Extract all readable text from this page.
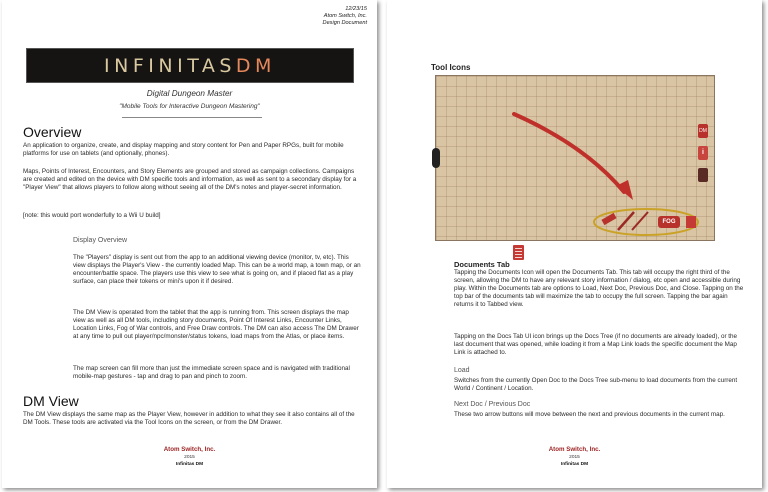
12/23/15
Atom Switch, Inc.
Design Document
INFINITAS DM
Digital Dungeon Master
"Mobile Tools for Interactive Dungeon Mastering"
Overview
An application to organize, create, and display mapping and story content for Pen and Paper RPGs, built for mobile platforms for use on tablets (and optionally, phones).
Maps, Points of Interest, Encounters, and Story Elements are grouped and stored as campaign collections. Campaigns are created and edited on the device with DM specific tools and information, as well as sent to a secondary display for a "Player View" that allows players to follow along without seeing all of the DM's notes and player-secret information.
[note: this would port wonderfully to a Wii U build]
Display Overview
The "Players" display is sent out from the app to an additional viewing device (monitor, tv, etc). This view displays the Player's View - the currently loaded Map. This can be a world map, a town map, or an encounter/battle space. The players use this view to see what is going on, and if placed flat as a play surface, can place their tokens or mini's upon it if desired.
The DM View is operated from the tablet that the app is running from. This screen displays the map view as well as all DM tools, including story documents, Point Of Interest Links, Encounter Links, Location Links, Fog of War controls, and Free Draw controls. The DM can also access The DM Drawer at any time to pull out player/npc/monster/status tokens, load maps from the Atlas, or place items.
The map screen can fill more than just the immediate screen space and is navigated with traditional mobile-map gestures - tap and drag to pan and pinch to zoom.
DM View
The DM View displays the same map as the Player View, however in addition to what they see it also contains all of the DM Tools. These tools are activated via the Tool Icons on the screen, or from the DM Drawer.
Atom Switch, Inc.
2015
Infinitas DM
Tool Icons
FOG
DM
i
Documents Tab
Tapping the Documents Icon will open the Documents Tab. This tab will occupy the right third of the screen, allowing the DM to have any relevant story information / dialog, etc open and accessible during play. Within the Documents tab are options to Load, Next Doc, Previous Doc, and Close. Tapping on the top bar of the documents tab will maximize the tab to occupy the full screen. Tapping the bar again returns it to Tabbed view.
Tapping on the Docs Tab UI icon brings up the Docs Tree (if no documents are already loaded), or the last document that was opened, while loading it from a Map Link loads the specific document the Map Link is attached to.
Load
Switches from the currently Open Doc to the Docs Tree sub-menu to load documents from the current World / Continent / Location.
Next Doc / Previous Doc
These two arrow buttons will move between the next and previous documents in the current map.
Atom Switch, Inc.
2015
Infinitas DM
